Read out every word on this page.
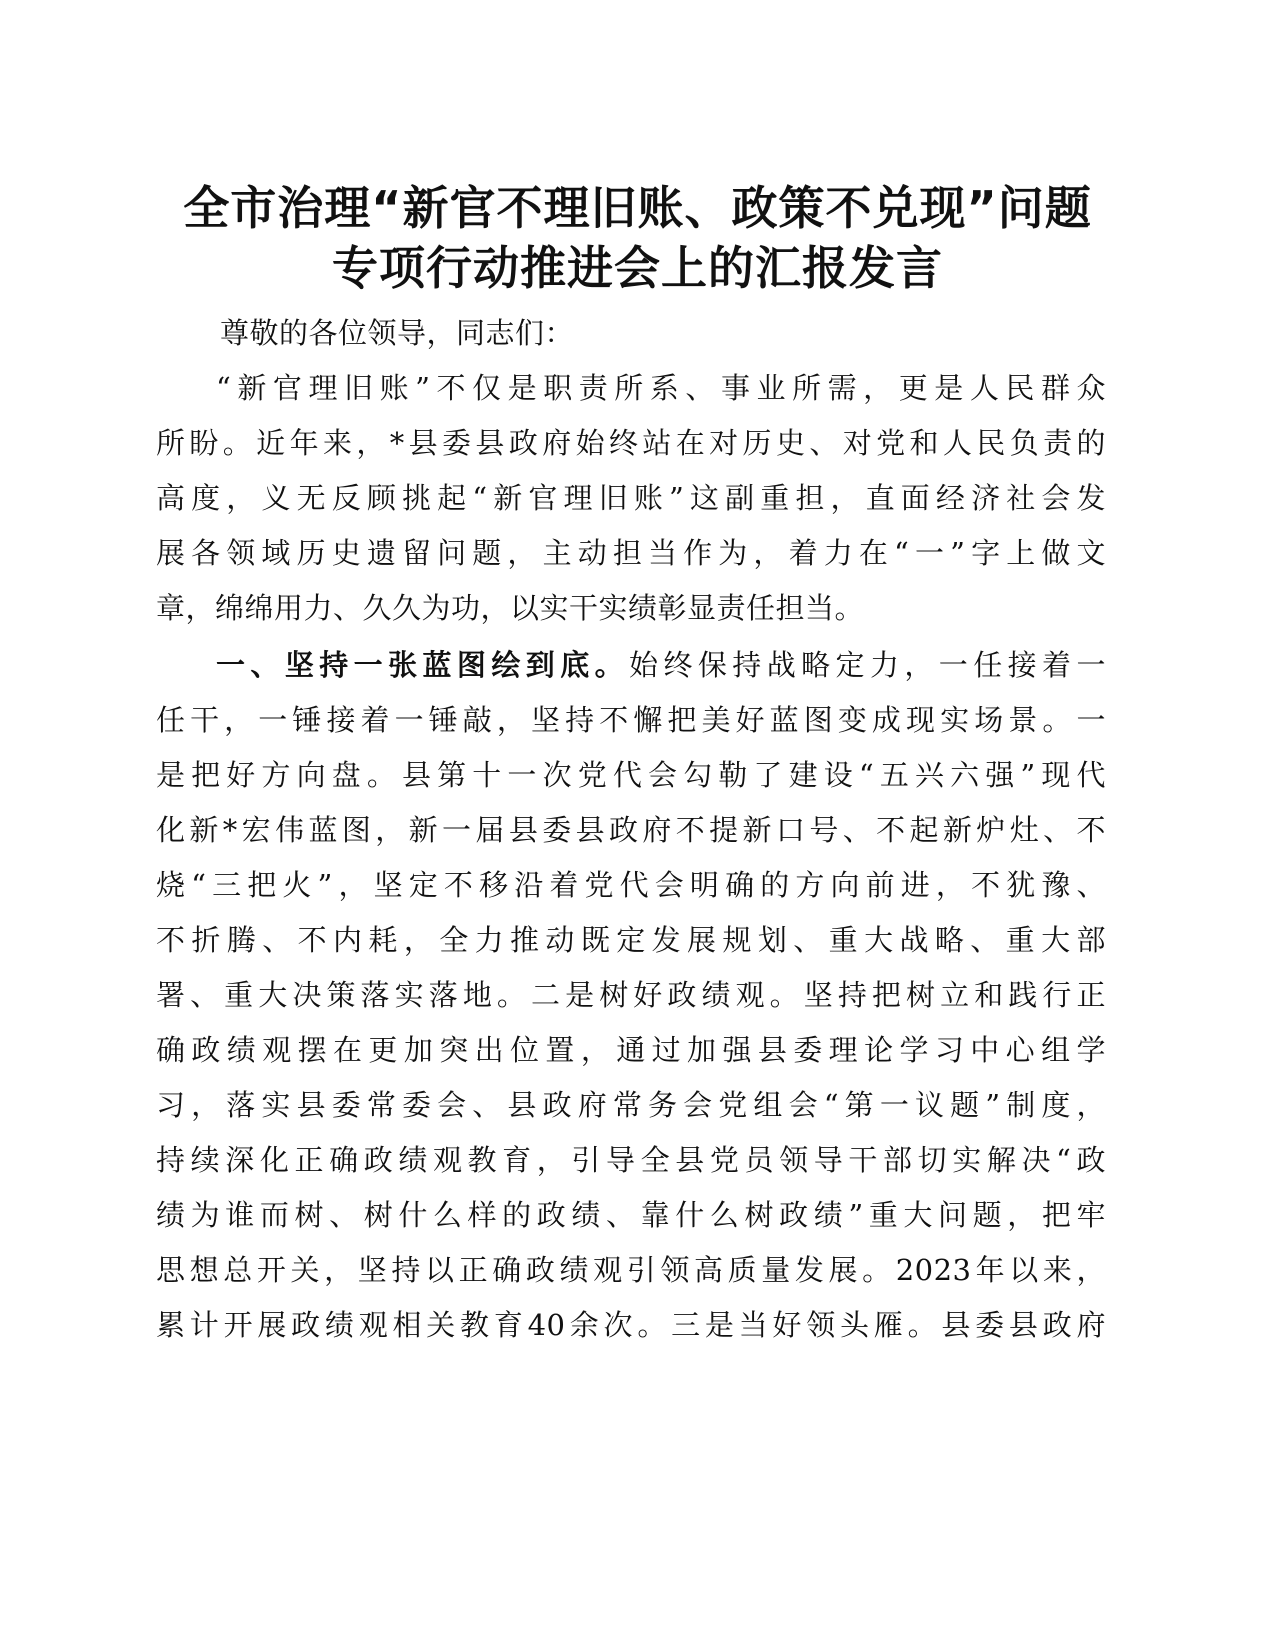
全市治理“新官不理旧账、政策不兑现”问题
专项行动推进会上的汇报发言
尊敬的各位领导，同志们：
“新官理旧账”不仅是职责所系、事业所需，更是人民群众
所盼。近年来，*县委县政府始终站在对历史、对党和人民负责的
高度，义无反顾挑起“新官理旧账”这副重担，直面经济社会发
展各领域历史遗留问题，主动担当作为，着力在“一”字上做文
章，绵绵用力、久久为功，以实干实绩彰显责任担当。
一、坚持一张蓝图绘到底。始终保持战略定力，一任接着一
任干，一锤接着一锤敲，坚持不懈把美好蓝图变成现实场景。一
是把好方向盘。县第十一次党代会勾勒了建设“五兴六强”现代
化新*宏伟蓝图，新一届县委县政府不提新口号、不起新炉灶、不
烧“三把火”，坚定不移沿着党代会明确的方向前进，不犹豫、
不折腾、不内耗，全力推动既定发展规划、重大战略、重大部
署、重大决策落实落地。二是树好政绩观。坚持把树立和践行正
确政绩观摆在更加突出位置，通过加强县委理论学习中心组学
习，落实县委常委会、县政府常务会党组会“第一议题”制度，
持续深化正确政绩观教育，引导全县党员领导干部切实解决“政
绩为谁而树、树什么样的政绩、靠什么树政绩”重大问题，把牢
思想总开关，坚持以正确政绩观引领高质量发展。2023年以来，
累计开展政绩观相关教育40余次。三是当好领头雁。县委县政府
